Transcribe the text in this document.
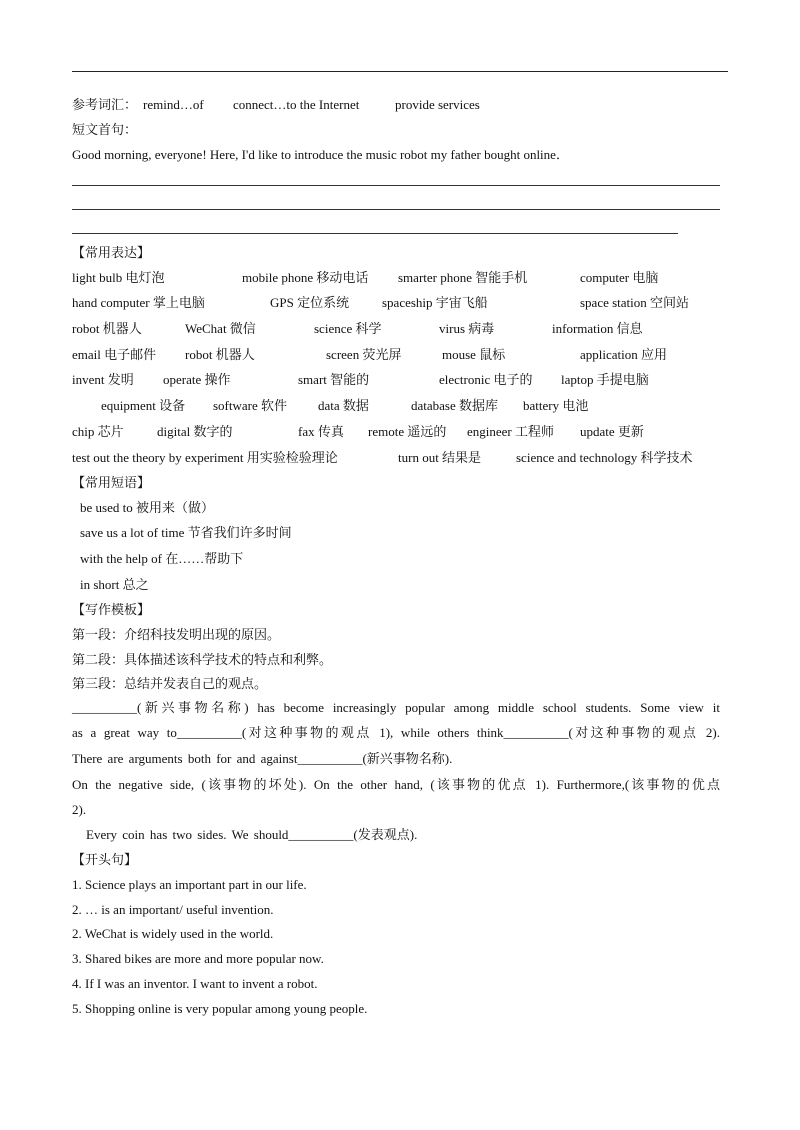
参考词汇： remind…of connect…to the Internet	provide services
短文首句：
Good morning, everyone! Here, I'd like to introduce the music robot my father bought online．
【常用表达】
light bulb 电灯泡	mobile phone 移动电话 smarter phone 智能手机	computer 电脑
hand computer 掌上电脑	GPS 定位系统	spaceship 宇宙飞船	space station 空间站
robot 机器人	WeChat 微信	science 科学	virus 病毒	information 信息
email 电子邮件 robot 机器人	screen 荧光屏	mouse 鼠标	application 应用
invent 发明 operate 操作	smart 智能的	electronic 电子的 laptop 手提电脑
equipment 设备 software 软件 data 数据	database 数据库 battery 电池
chip 芯片	digital 数字的	fax 传真 remote 遥远的 engineer 工程师 update 更新
test out the theory by experiment 用实验检验理论	turn out 结果是	science and technology 科学技术
【常用短语】
be used to 被用来（做）
save us a lot of time 节省我们许多时间
with the help of 在……帮助下
in short 总之
【写作模板】
第一段：介绍科技发明出现的原因。
第二段：具体描述该科学技术的特点和利弊。
第三段：总结并发表自己的观点。
__________(新兴事物名称) has become increasingly popular among middle school students. Some view it
as a great way to__________(对这种事物的观点 1), while others think__________(对这种事物的观点 2).
There are arguments both for and against__________(新兴事物名称).
On the negative side, (该事物的坏处). On the other hand, (该事物的优点 1). Furthermore,(该事物的优点
2).
Every coin has two sides. We should__________(发表观点).
【开头句】
1. Science plays an important part in our life.
2. … is an important/ useful invention.
2. WeChat is widely used in the world.
3. Shared bikes are more and more popular now.
4. If I was an inventor. I want to invent a robot.
5. Shopping online is very popular among young people.
